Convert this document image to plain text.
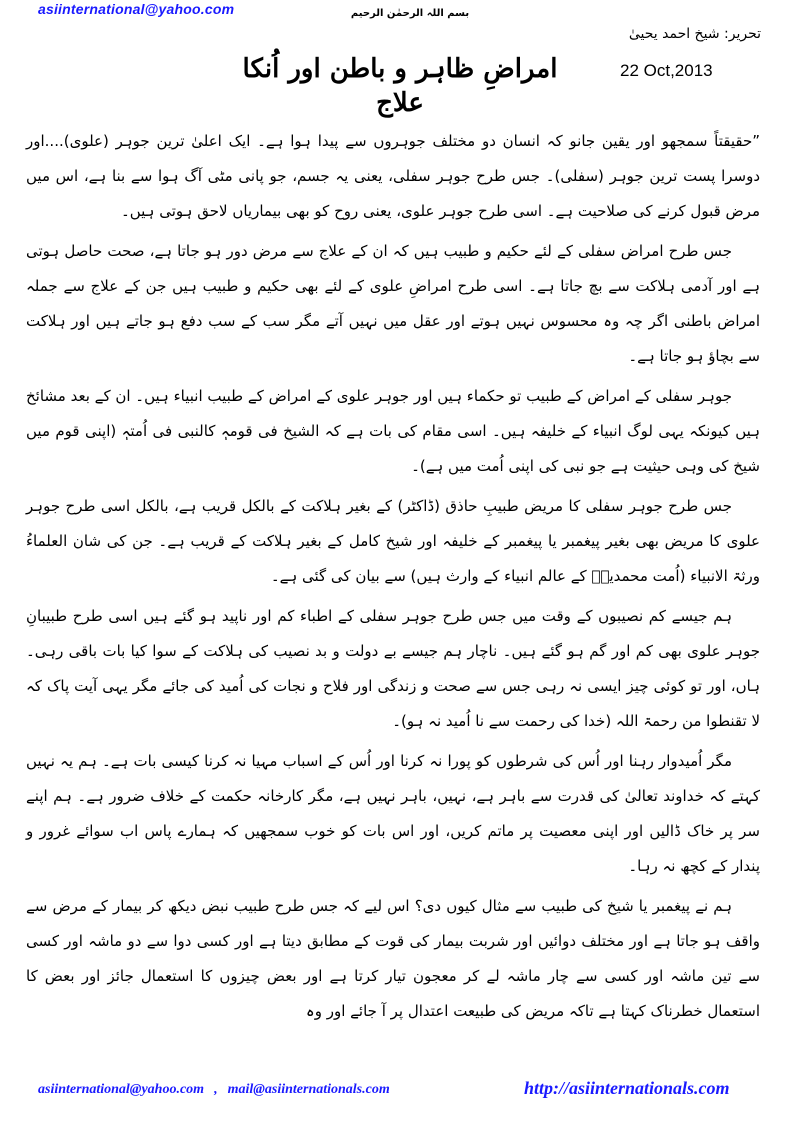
asiinternational@yahoo.com	بسم اللہ الرحمٰن الرحیم
امراضِ ظاہر و باطن اور اُنکا علاج
تحریر: شیخ احمد یحییٰ
22 Oct,2013

”حقیقتاً سمجھو اور یقین جانو کہ انسان دو مختلف جوہروں سے پیدا ہوا ہے۔ ایک اعلیٰ ترین جوہر (علوی)....اور دوسرا پست ترین جوہر (سفلی)۔ جس طرح جوہر سفلی، یعنی یہ جسم، جو پانی مٹی آگ ہوا سے بنا ہے، اس میں مرض قبول کرنے کی صلاحیت ہے۔ اسی طرح جوہر علوی، یعنی روح کو بھی بیماریاں لاحق ہوتی ہیں۔

جس طرح امراض سفلی کے لئے حکیم و طبیب ہیں کہ ان کے علاج سے مرض دور ہو جاتا ہے، صحت حاصل ہوتی ہے اور آدمی ہلاکت سے بچ جاتا ہے۔ اسی طرح امراضِ علوی کے لئے بھی حکیم و طبیب ہیں جن کے علاج سے جملہ امراض باطنی اگر چہ وہ محسوس نہیں ہوتے اور عقل میں نہیں آتے مگر سب کے سب دفع ہو جاتے ہیں اور ہلاکت سے بچاؤ ہو جاتا ہے۔

جوہر سفلی کے امراض کے طبیب تو حکماء ہیں اور جوہر علوی کے امراض کے طبیب انبیاء ہیں۔ ان کے بعد مشائخ ہیں کیونکہ یہی لوگ انبیاء کے خلیفہ ہیں۔ اسی مقام کی بات ہے کہ الشیخ فی قومہٖ کالنبی فی اُمتہٖ (اپنی قوم میں شیخ کی وہی حیثیت ہے جو نبی کی اپنی اُمت میں ہے)۔

جس طرح جوہر سفلی کا مریض طبیبِ حاذق (ڈاکٹر) کے بغیر ہلاکت کے بالکل قریب ہے، بالکل اسی طرح جوہر علوی کا مریض بھی بغیر پیغمبر یا پیغمبر کے خلیفہ اور شیخ کامل کے بغیر ہلاکت کے قریب ہے۔ جن کی شان العلماءُ ورثۃ الانبیاء (اُمت محمدیہؐ کے عالم انبیاء کے وارث ہیں) سے بیان کی گئی ہے۔

ہم جیسے کم نصیبوں کے وقت میں جس طرح جوہر سفلی کے اطباء کم اور ناپید ہو گئے ہیں اسی طرح طبیبانِ جوہر علوی بھی کم اور گم ہو گئے ہیں۔ ناچار ہم جیسے بے دولت و بد نصیب کی ہلاکت کے سوا کیا بات باقی رہی۔ ہاں، اور تو کوئی چیز ایسی نہ رہی جس سے صحت و زندگی اور فلاح و نجات کی اُمید کی جائے مگر یہی آیت پاک کہ لا تقنطوا من رحمۃ اللہ (خدا کی رحمت سے نا اُمید نہ ہو)۔

مگر اُمیدوار رہنا اور اُس کی شرطوں کو پورا نہ کرنا اور اُس کے اسباب مہیا نہ کرنا کیسی بات ہے۔ ہم یہ نہیں کہتے کہ خداوند تعالیٰ کی قدرت سے باہر ہے، نہیں، باہر نہیں ہے، مگر کارخانہ حکمت کے خلاف ضرور ہے۔ ہم اپنے سر پر خاک ڈالیں اور اپنی معصیت پر ماتم کریں، اور اس بات کو خوب سمجھیں کہ ہمارے پاس اب سوائے غرور و پندار کے کچھ نہ رہا۔

ہم نے پیغمبر یا شیخ کی طبیب سے مثال کیوں دی؟ اس لیے کہ جس طرح طبیب نبض دیکھ کر بیمار کے مرض سے واقف ہو جاتا ہے اور مختلف دوائیں اور شربت بیمار کی قوت کے مطابق دیتا ہے اور کسی دوا سے دو ماشہ اور کسی سے تین ماشہ اور کسی سے چار ماشہ لے کر معجون تیار کرتا ہے اور بعض چیزوں کا استعمال جائز اور بعض کا استعمال خطرناک کہتا ہے تاکہ مریض کی طبیعت اعتدال پر آ جائے اور وہ

asiinternational@yahoo.com , mail@asiinternationals.com	http://asiinternationals.com
